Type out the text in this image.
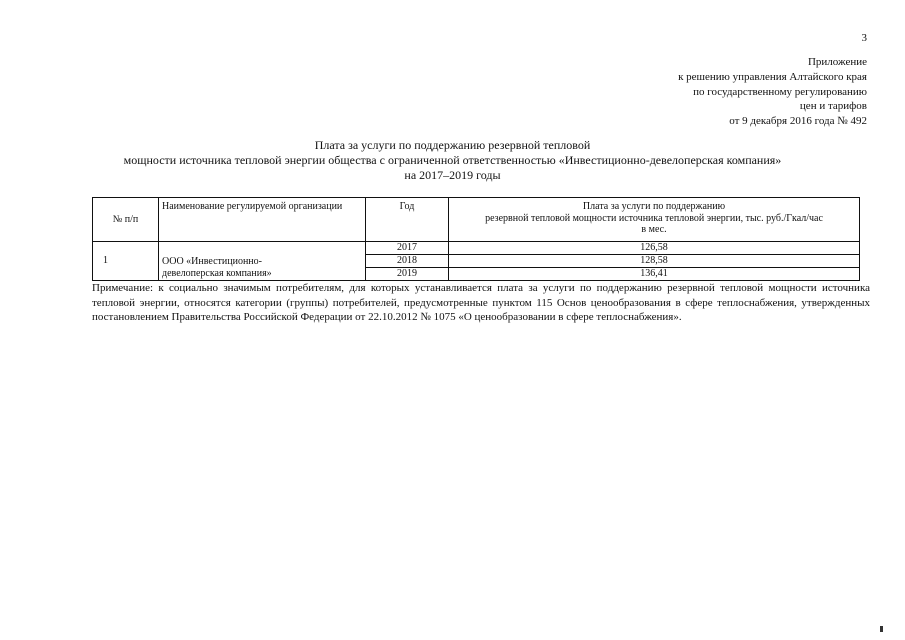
3
Приложение
к решению управления Алтайского края
по государственному регулированию
цен и тарифов
от 9 декабря 2016 года № 492
Плата за услуги по поддержанию резервной тепловой
мощности источника тепловой энергии общества с ограниченной ответственностью «Инвестиционно-девелоперская компания»
на 2017–2019 годы
№ п/п	Наименование регулируемой организации	Год	Плата за услуги по поддержанию
резервной тепловой мощности источника тепловой энергии, тыс. руб./Гкал/час
в мес.

1	ООО «Инвестиционно-
девелоперская компания»	2017	126,58
		2018	128,58
		2019	136,41
Примечание: к социально значимым потребителям, для которых устанавливается плата за услуги по поддержанию резервной тепловой мощности источника тепловой энергии, относятся категории (группы) потребителей, предусмотренные пунктом 115 Основ ценообразования в сфере теплоснабжения, утвержденных постановлением Правительства Российской Федерации от 22.10.2012 № 1075 «О ценообразовании в сфере теплоснабжения».
